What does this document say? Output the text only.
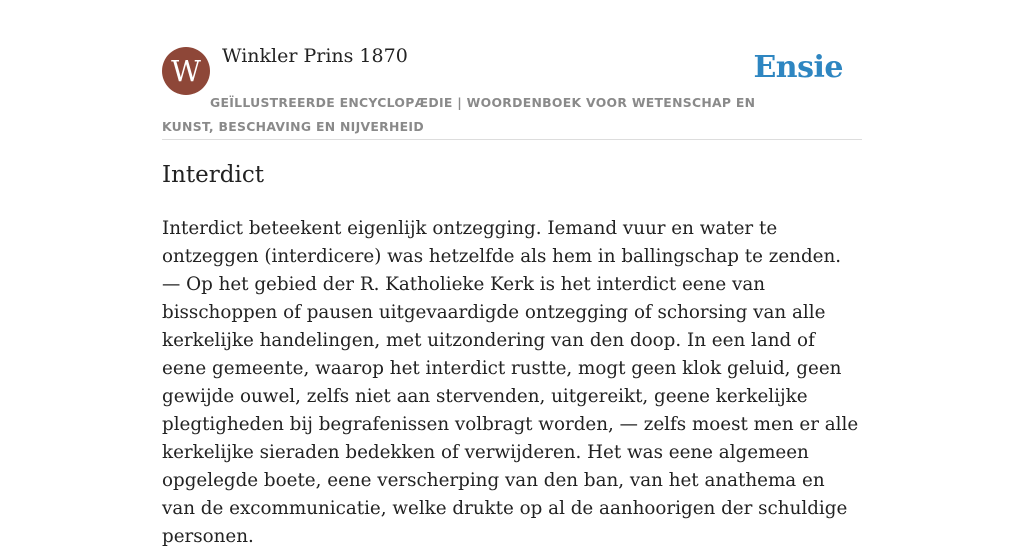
W	Winkler Prins 1870	Ensie
GEÏLLUSTREERDE ENCYCLOPÆDIE | WOORDENBOEK VOOR WETENSCHAP EN KUNST, BESCHAVING EN NIJVERHEID
Interdict

Interdict beteekent eigenlijk ontzegging. Iemand vuur en water te ontzeggen (interdicere) was hetzelfde als hem in ballingschap te zenden. — Op het gebied der R. Katholieke Kerk is het interdict eene van bisschoppen of pausen uitgevaardigde ontzegging of schorsing van alle kerkelijke handelingen, met uitzondering van den doop. In een land of eene gemeente, waarop het interdict rustte, mogt geen klok geluid, geen gewijde ouwel, zelfs niet aan stervenden, uitgereikt, geene kerkelijke plegtigheden bij begrafenissen volbragt worden, — zelfs moest men er alle kerkelijke sieraden bedekken of verwijderen. Het was eene algemeen opgelegde boete, eene verscherping van den ban, van het anathema en van de excommunicatie, welke drukte op al de aanhoorigen der schuldige personen.
